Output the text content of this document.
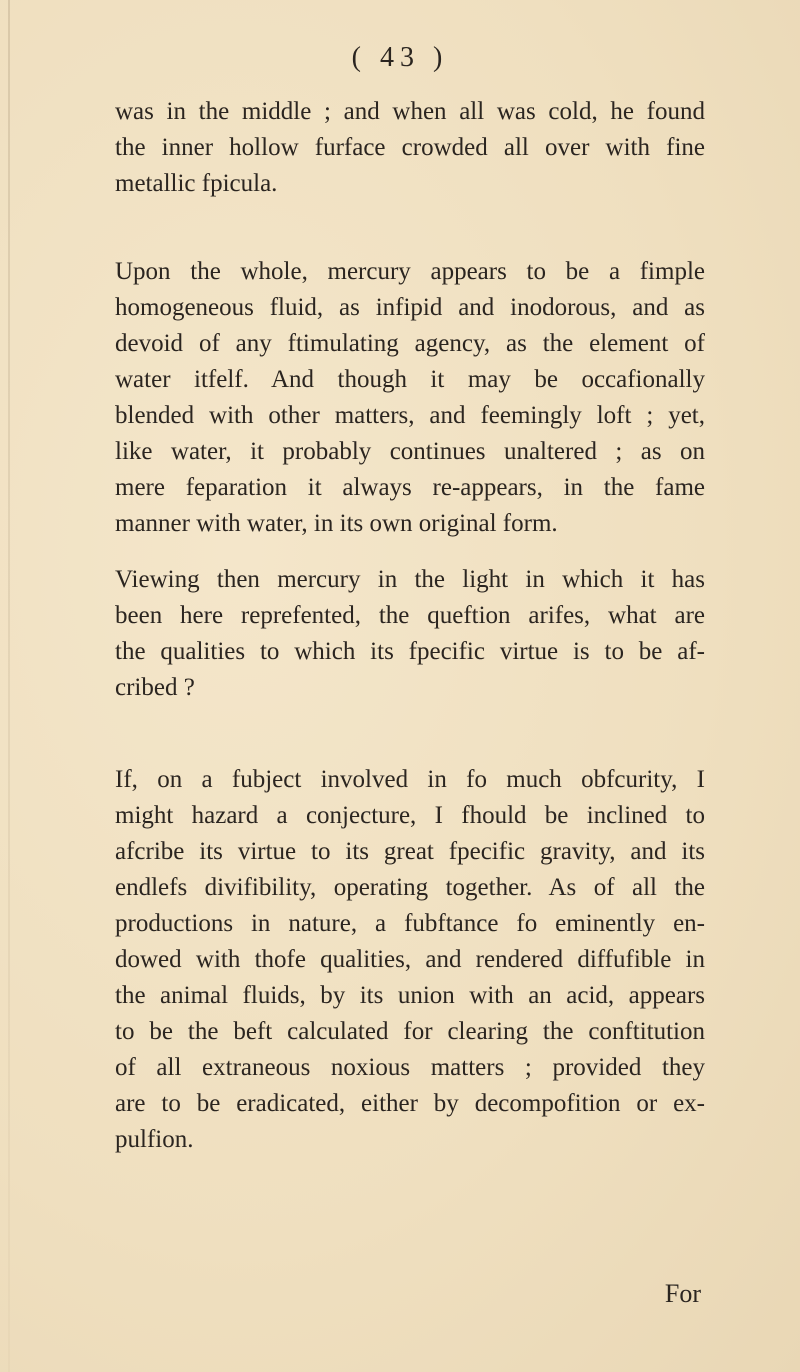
( 43 )
was in the middle ; and when all was cold, he found
the inner hollow furface crowded all over with fine
metallic fpicula.
Upon the whole, mercury appears to be a fimple
homogeneous fluid, as infipid and inodorous, and as
devoid of any ftimulating agency, as the element of
water itfelf. And though it may be occafionally
blended with other matters, and feemingly loft ; yet,
like water, it probably continues unaltered ; as on
mere feparation it always re-appears, in the fame
manner with water, in its own original form.
Viewing then mercury in the light in which it has
been here reprefented, the queftion arifes, what are
the qualities to which its fpecific virtue is to be af-
cribed ?
If, on a fubject involved in fo much obfcurity, I
might hazard a conjecture, I fhould be inclined to
afcribe its virtue to its great fpecific gravity, and its
endlefs divifibility, operating together. As of all the
productions in nature, a fubftance fo eminently en-
dowed with thofe qualities, and rendered diffufible in
the animal fluids, by its union with an acid, appears
to be the beft calculated for clearing the conftitution
of all extraneous noxious matters ; provided they
are to be eradicated, either by decompofition or ex-
pulfion.
For
